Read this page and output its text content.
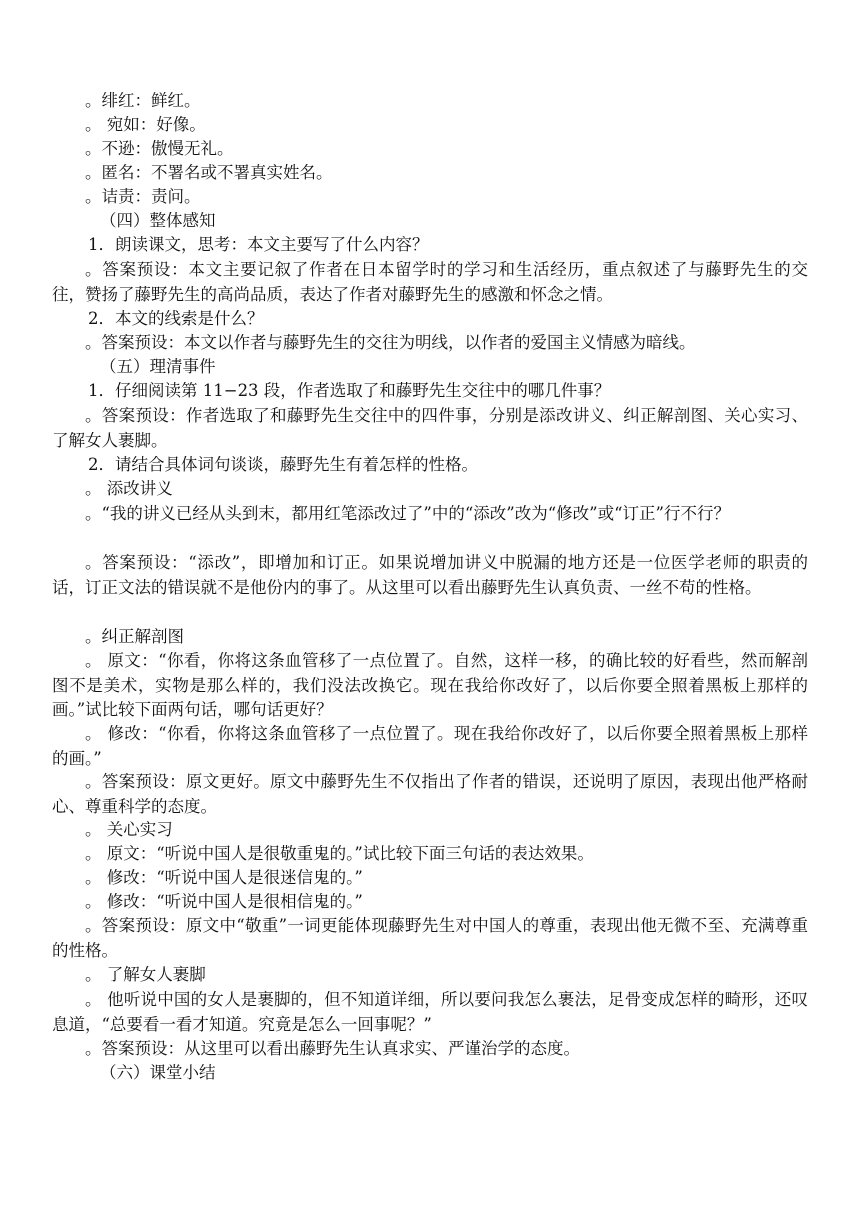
。绯红：鲜红。
。 宛如：好像。
。不逊：傲慢无礼。
。匿名：不署名或不署真实姓名。
。诘责：责问。
（四）整体感知
1．朗读课文，思考：本文主要写了什么内容？
。答案预设：本文主要记叙了作者在日本留学时的学习和生活经历，重点叙述了与藤野先生的交往，赞扬了藤野先生的高尚品质，表达了作者对藤野先生的感激和怀念之情。
2．本文的线索是什么？
。答案预设：本文以作者与藤野先生的交往为明线，以作者的爱国主义情感为暗线。
（五）理清事件
1．仔细阅读第 11−23 段，作者选取了和藤野先生交往中的哪几件事？
。答案预设：作者选取了和藤野先生交往中的四件事，分别是添改讲义、纠正解剖图、关心实习、了解女人裹脚。
2．请结合具体词句谈谈，藤野先生有着怎样的性格。
。 添改讲义
。“我的讲义已经从头到末，都用红笔添改过了”中的“添改”改为“修改”或“订正”行不行？
。答案预设：“添改”，即增加和订正。如果说增加讲义中脱漏的地方还是一位医学老师的职责的话，订正文法的错误就不是他份内的事了。从这里可以看出藤野先生认真负责、一丝不苟的性格。
。纠正解剖图
。 原文：“你看，你将这条血管移了一点位置了。自然，这样一移，的确比较的好看些，然而解剖图不是美术，实物是那么样的，我们没法改换它。现在我给你改好了，以后你要全照着黑板上那样的画。”试比较下面两句话，哪句话更好？
。 修改：“你看，你将这条血管移了一点位置了。现在我给你改好了，以后你要全照着黑板上那样的画。”
。答案预设：原文更好。原文中藤野先生不仅指出了作者的错误，还说明了原因，表现出他严格耐心、尊重科学的态度。
。 关心实习
。 原文：“听说中国人是很敬重鬼的。”试比较下面三句话的表达效果。
。 修改：“听说中国人是很迷信鬼的。”
。 修改：“听说中国人是很相信鬼的。”
。答案预设：原文中“敬重”一词更能体现藤野先生对中国人的尊重，表现出他无微不至、充满尊重的性格。
。 了解女人裹脚
。 他听说中国的女人是裹脚的，但不知道详细，所以要问我怎么裹法，足骨变成怎样的畸形，还叹息道，“总要看一看才知道。究竟是怎么一回事呢？”
。答案预设：从这里可以看出藤野先生认真求实、严谨治学的态度。
（六）课堂小结
